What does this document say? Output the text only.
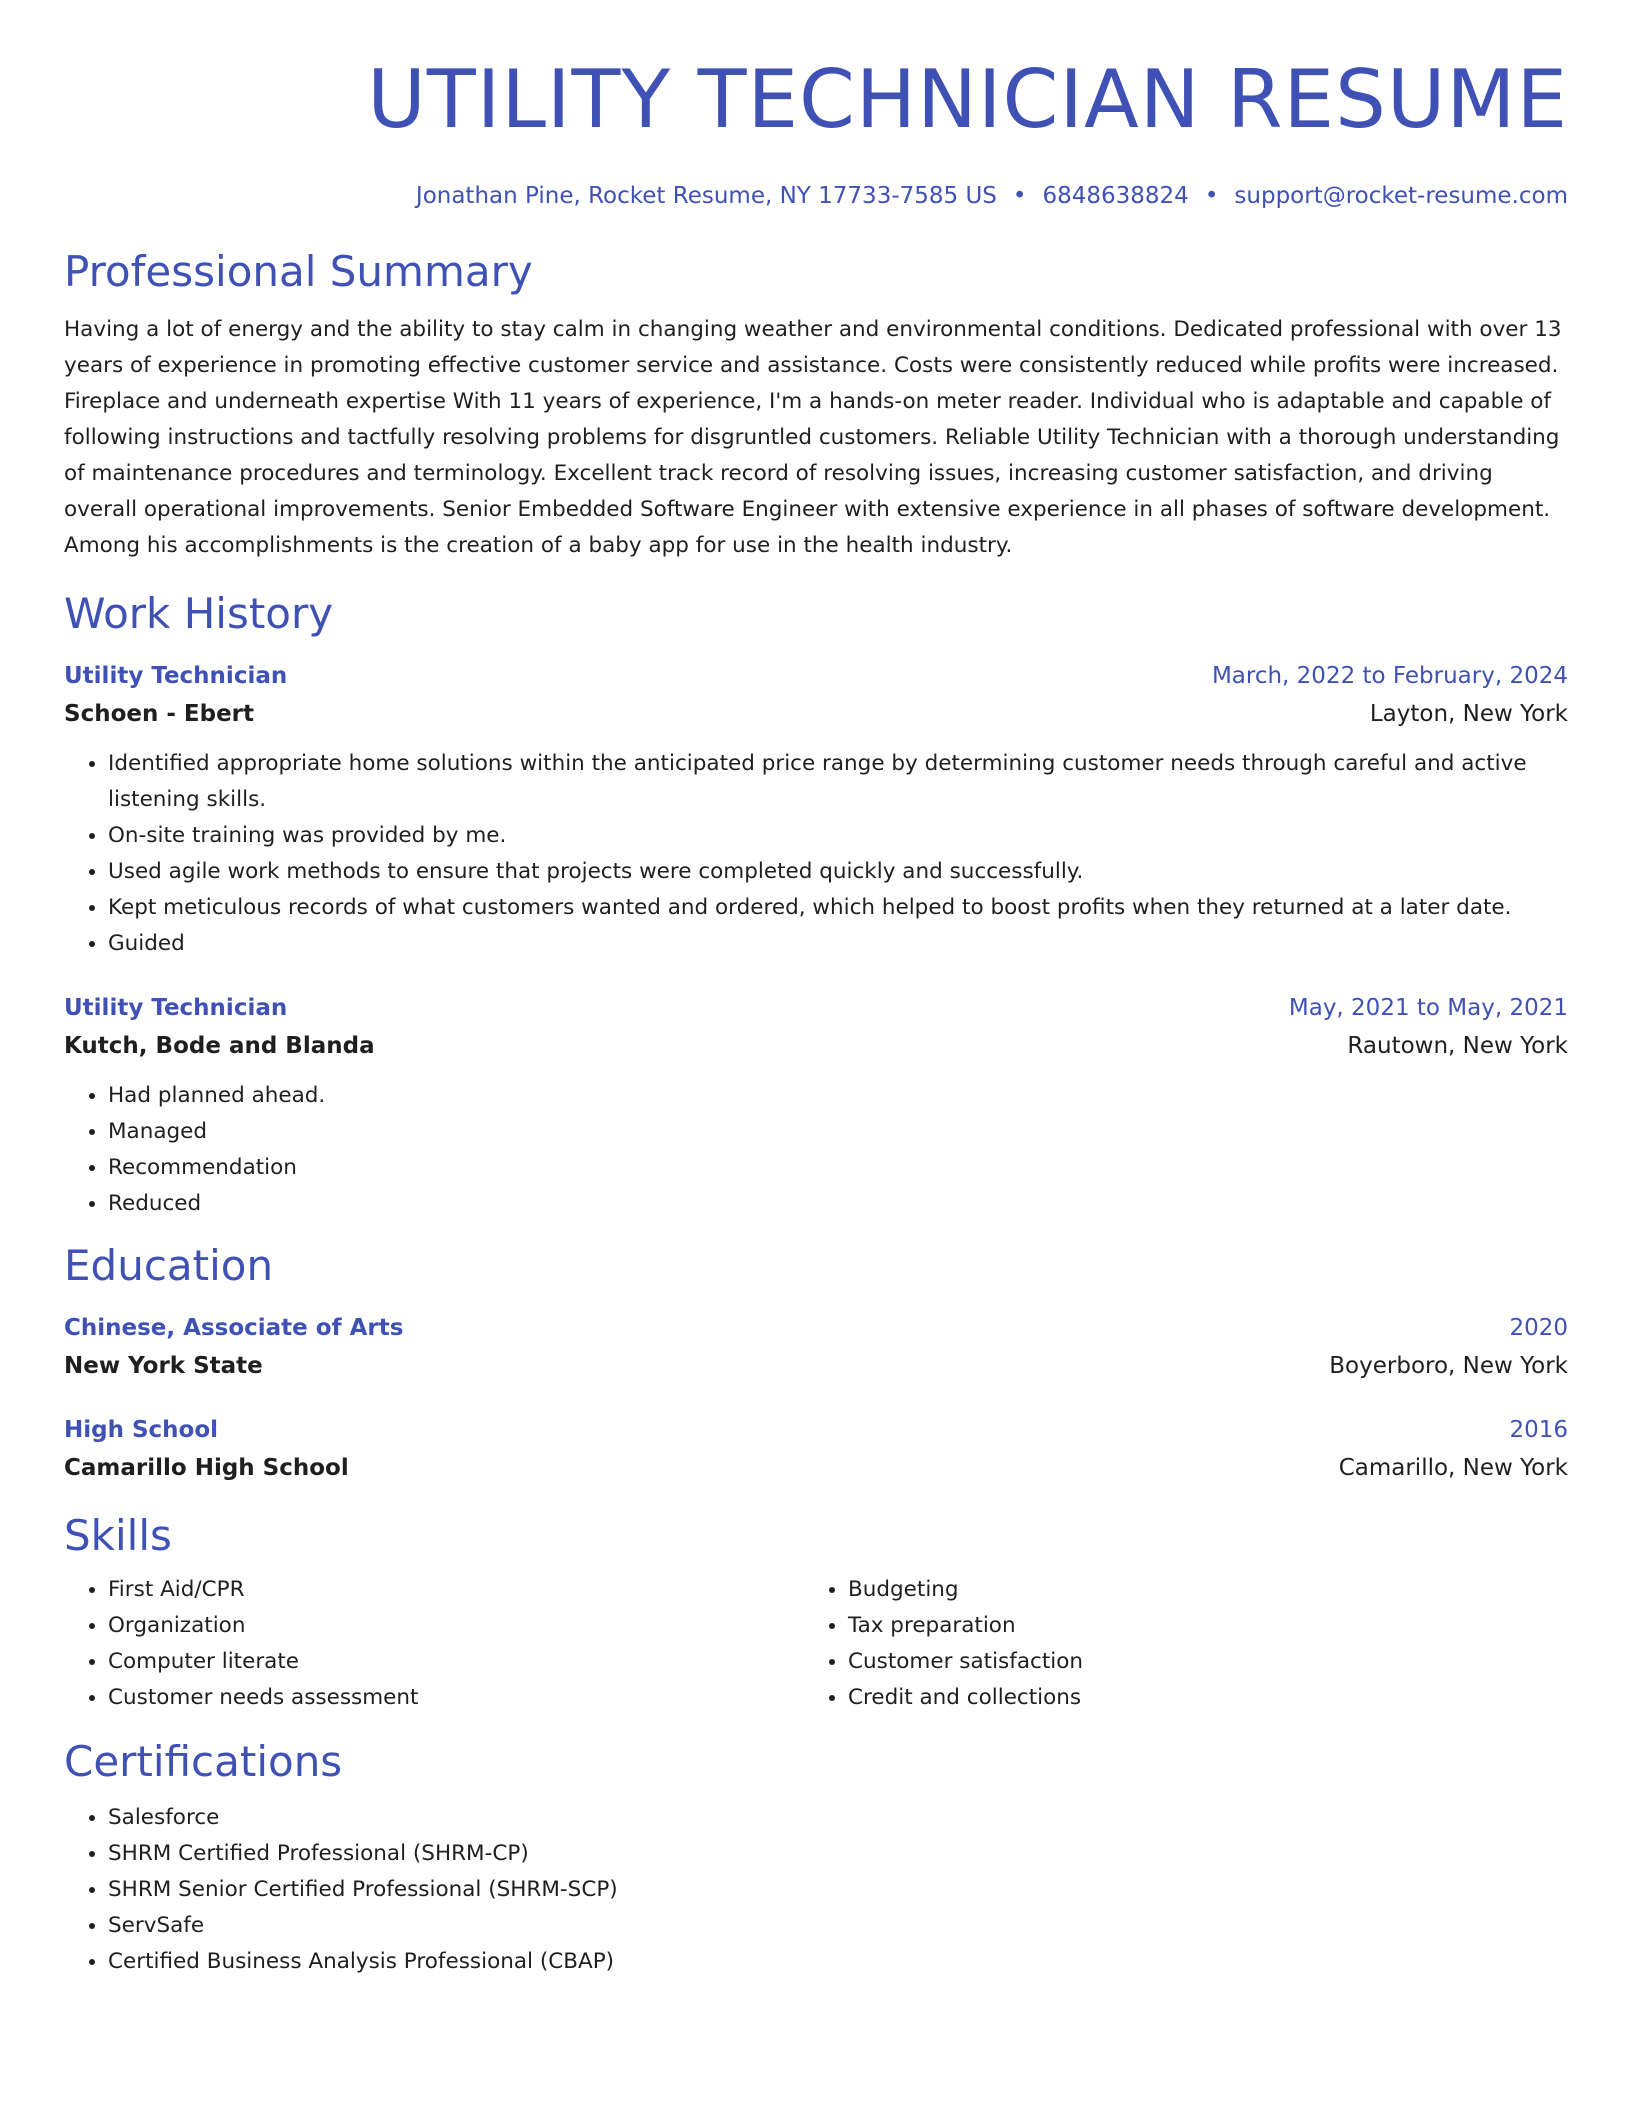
UTILITY TECHNICIAN RESUME
Jonathan Pine, Rocket Resume, NY 17733-7585 US • 6848638824 • support@rocket-resume.com
Professional Summary

Having a lot of energy and the ability to stay calm in changing weather and environmental conditions. Dedicated professional with over 13 years of experience in promoting effective customer service and assistance. Costs were consistently reduced while profits were increased. Fireplace and underneath expertise With 11 years of experience, I'm a hands-on meter reader. Individual who is adaptable and capable of following instructions and tactfully resolving problems for disgruntled customers. Reliable Utility Technician with a thorough understanding of maintenance procedures and terminology. Excellent track record of resolving issues, increasing customer satisfaction, and driving overall operational improvements. Senior Embedded Software Engineer with extensive experience in all phases of software development. Among his accomplishments is the creation of a baby app for use in the health industry.

Work History
Utility Technician	March, 2022 to February, 2024
Schoen - Ebert	Layton, New York
• Identified appropriate home solutions within the anticipated price range by determining customer needs through careful and active listening skills.
• On-site training was provided by me.
• Used agile work methods to ensure that projects were completed quickly and successfully.
• Kept meticulous records of what customers wanted and ordered, which helped to boost profits when they returned at a later date.
• Guided
Utility Technician	May, 2021 to May, 2021
Kutch, Bode and Blanda	Rautown, New York
• Had planned ahead.
• Managed
• Recommendation
• Reduced
Education
Chinese, Associate of Arts	2020
New York State	Boyerboro, New York
High School	2016
Camarillo High School	Camarillo, New York
Skills
• First Aid/CPR
• Organization
• Computer literate
• Customer needs assessment
• Budgeting
• Tax preparation
• Customer satisfaction
• Credit and collections
Certifications
• Salesforce
• SHRM Certified Professional (SHRM-CP)
• SHRM Senior Certified Professional (SHRM-SCP)
• ServSafe
• Certified Business Analysis Professional (CBAP)
